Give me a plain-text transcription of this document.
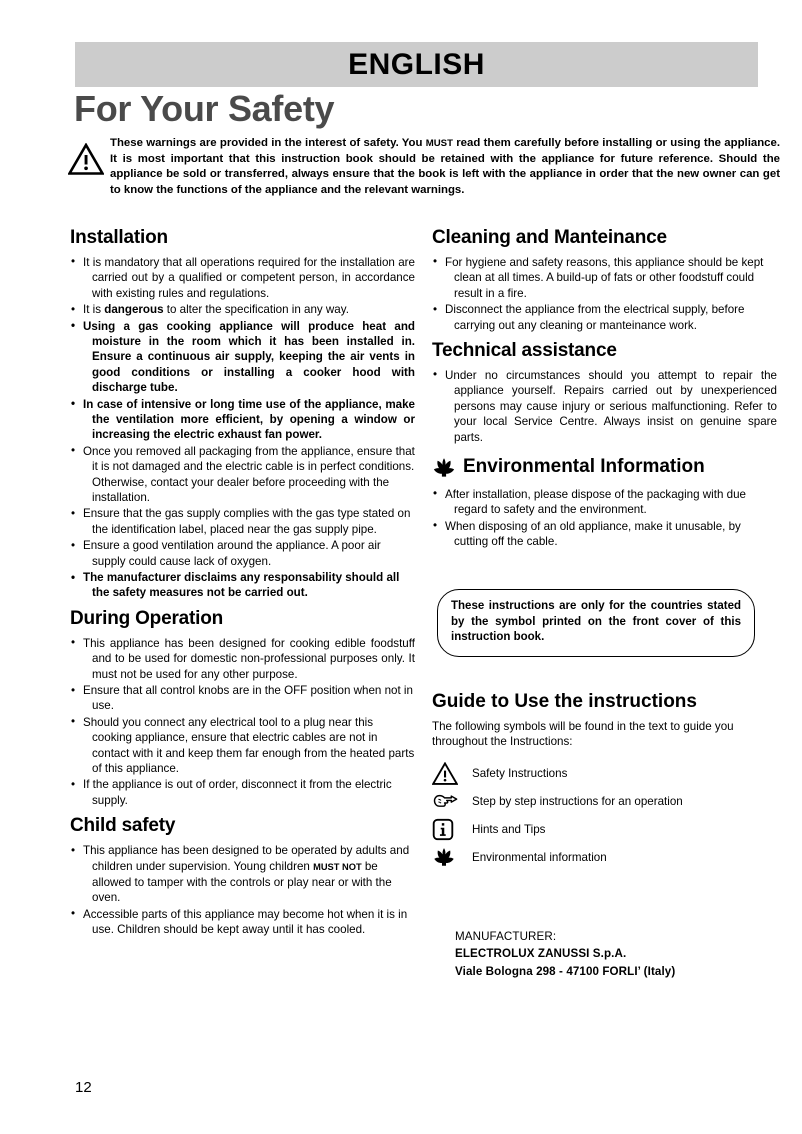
ENGLISH
For Your Safety
These warnings are provided in the interest of safety. You MUST read them carefully before installing or using the appliance. It is most important that this instruction book should be retained with the appliance for future reference. Should the appliance be sold or transferred, always ensure that the book is left with the appliance in order that the new owner can get to know the functions of the appliance and the relevant warnings.
Installation
• It is mandatory that all operations required for the installation are carried out by a qualified or competent person, in accordance with existing rules and regulations.
• It is dangerous to alter the specification in any way.
• Using a gas cooking appliance will produce heat and moisture in the room which it has been installed in. Ensure a continuous air supply, keeping the air vents in good conditions or installing a cooker hood with discharge tube.
• In case of intensive or long time use of the appliance, make the ventilation more efficient, by opening a window or increasing the electric exhaust fan power.
• Once you removed all packaging from the appliance, ensure that it is not damaged and the electric cable is in perfect conditions. Otherwise, contact your dealer before proceeding with the installation.
• Ensure that the gas supply complies with the gas type stated on the identification label, placed near the gas supply pipe.
• Ensure a good ventilation around the appliance. A poor air supply could cause lack of oxygen.
• The manufacturer disclaims any responsability should all the safety measures not be carried out.
During Operation
• This appliance has been designed for cooking edible foodstuff and to be used for domestic non-professional purposes only. It must not be used for any other purpose.
• Ensure that all control knobs are in the OFF position when not in use.
• Should you connect any electrical tool to a plug near this cooking appliance, ensure that electric cables are not in contact with it and keep them far enough from the heated parts of this appliance.
• If the appliance is out of order, disconnect it from the electric supply.
Child safety
• This appliance has been designed to be operated by adults and children under supervision. Young children MUST NOT be allowed to tamper with the controls or play near or with the oven.
• Accessible parts of this appliance may become hot when it is in use. Children should be kept away until it has cooled.
Cleaning and Manteinance
• For hygiene and safety reasons, this appliance should be kept clean at all times. A build-up of fats or other foodstuff could result in a fire.
• Disconnect the appliance from the electrical supply, before carrying out any cleaning or manteinance work.
Technical assistance
• Under no circumstances should you attempt to repair the appliance yourself. Repairs carried out by unexperienced persons may cause injury or serious malfunctioning. Refer to your local Service Centre. Always insist on genuine spare parts.
Environmental Information
• After installation, please dispose of the packaging with due regard to safety and the environment.
• When disposing of an old appliance, make it unusable, by cutting off the cable.
These instructions are only for the countries stated by the symbol printed on the front cover of this instruction book.
Guide to Use the instructions

The following symbols will be found in the text to guide you throughout the Instructions:

Safety Instructions
Step by step instructions for an operation
Hints and Tips
Environmental information
MANUFACTURER:
ELECTROLUX ZANUSSI S.p.A.
Viale Bologna 298 - 47100 FORLI’ (Italy)
12
